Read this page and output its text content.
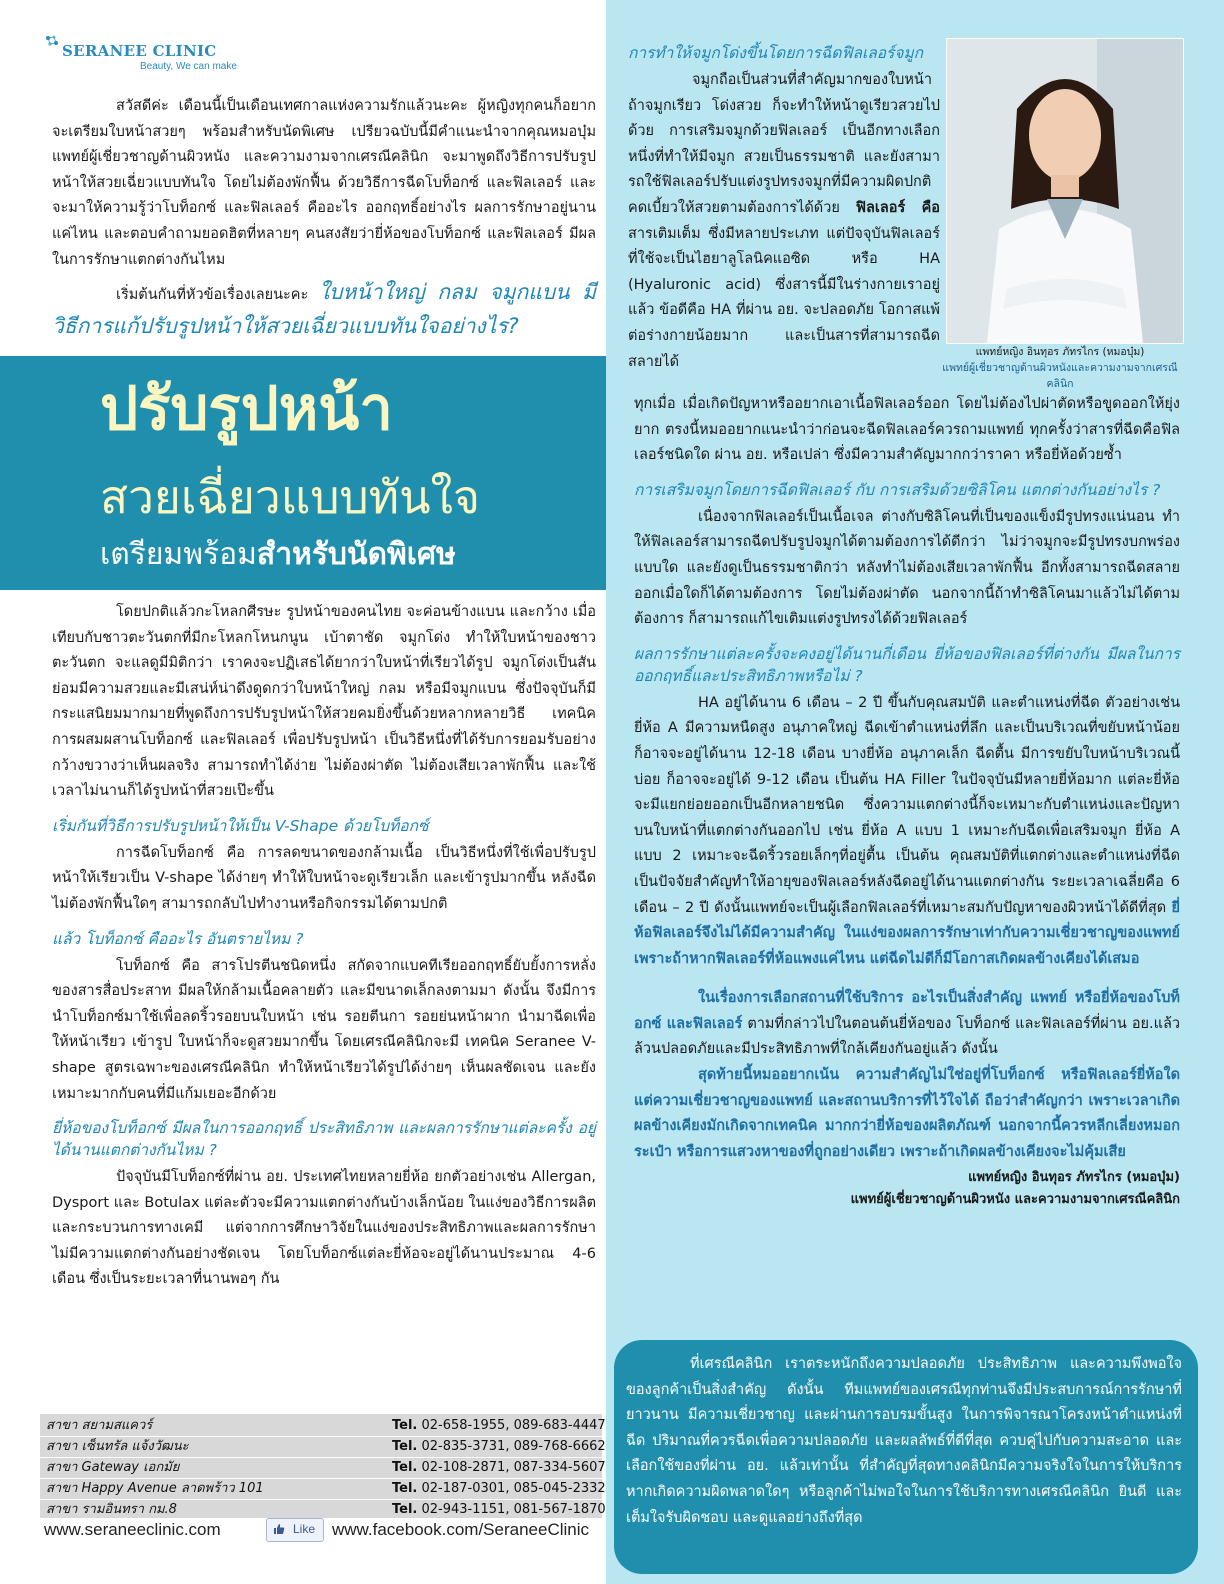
SERANEE CLINIC
Beauty, We can make

สวัสดีค่ะ เดือนนี้เป็นเดือนเทศกาลแห่งความรักแล้วนะคะ ผู้หญิงทุกคนก็อยากจะเตรียมใบหน้าสวยๆ พร้อมสำหรับนัดพิเศษ เปรียวฉบับนี้มีคำแนะนำจากคุณหมอบุ๋ม แพทย์ผู้เชี่ยวชาญด้านผิวหนัง และความงามจากเศรณีคลินิก จะมาพูดถึงวิธีการปรับรูปหน้าให้สวยเฉี่ยวแบบทันใจ โดยไม่ต้องพักฟื้น ด้วยวิธีการฉีดโบท็อกซ์ และฟิลเลอร์ และจะมาให้ความรู้ว่าโบท็อกซ์ และฟิลเลอร์ คืออะไร ออกฤทธิ์อย่างไร ผลการรักษาอยู่นานแค่ไหน และตอบคำถามยอดฮิตที่หลายๆ คนสงสัยว่ายี่ห้อของโบท็อกซ์ และฟิลเลอร์ มีผลในการรักษาแตกต่างกันไหม

เริ่มต้นกันที่หัวข้อเรื่องเลยนะคะ ใบหน้าใหญ่ กลม จมูกแบน มีวิธีการแก้ปรับรูปหน้าให้สวยเฉี่ยวแบบทันใจอย่างไร?

ปรับรูปหน้า
สวยเฉี่ยวแบบทันใจ
เตรียมพร้อมสำหรับนัดพิเศษ

โดยปกติแล้วกะโหลกศีรษะ รูปหน้าของคนไทย จะค่อนข้างแบน และกว้าง เมื่อเทียบกับชาวตะวันตกที่มีกะโหลกโหนกนูน เบ้าตาชัด จมูกโด่ง ทำให้ใบหน้าของชาวตะวันตก จะแลดูมีมิติกว่า เราคงจะปฏิเสธได้ยากว่าใบหน้าที่เรียวได้รูป จมูกโด่งเป็นสัน ย่อมมีความสวยและมีเสน่ห์น่าดึงดูดกว่าใบหน้าใหญ่ กลม หรือมีจมูกแบน ซึ่งปัจจุบันก็มีกระแสนิยมมากมายที่พูดถึงการปรับรูปหน้าให้สวยคมยิ่งขึ้นด้วยหลากหลายวิธี เทคนิคการผสมผสานโบท็อกซ์ และฟิลเลอร์ เพื่อปรับรูปหน้า เป็นวิธีหนึ่งที่ได้รับการยอมรับอย่างกว้างขวางว่าเห็นผลจริง สามารถทำได้ง่าย ไม่ต้องผ่าตัด ไม่ต้องเสียเวลาพักฟื้น และใช้เวลาไม่นานก็ได้รูปหน้าที่สวยเป๊ะขึ้น

เริ่มกันที่วิธีการปรับรูปหน้าให้เป็น V-Shape ด้วยโบท็อกซ์

การฉีดโบท็อกซ์ คือ การลดขนาดของกล้ามเนื้อ เป็นวิธีหนึ่งที่ใช้เพื่อปรับรูปหน้าให้เรียวเป็น V-shape ได้ง่ายๆ ทำให้ใบหน้าจะดูเรียวเล็ก และเข้ารูปมากขึ้น หลังฉีดไม่ต้องพักฟื้นใดๆ สามารถกลับไปทำงานหรือกิจกรรมได้ตามปกติ

แล้ว โบท็อกซ์ คืออะไร อันตรายไหม ?

โบท็อกซ์ คือ สารโปรตีนชนิดหนึ่ง สกัดจากแบคทีเรียออกฤทธิ์ยับยั้งการหลั่งของสารสื่อประสาท มีผลให้กล้ามเนื้อคลายตัว และมีขนาดเล็กลงตามมา ดังนั้น จึงมีการนำโบท็อกซ์มาใช้เพื่อลดริ้วรอยบนใบหน้า เช่น รอยตีนกา รอยย่นหน้าผาก นำมาฉีดเพื่อให้หน้าเรียว เข้ารูป ใบหน้าก็จะดูสวยมากขึ้น โดยเศรณีคลินิกจะมี เทคนิค Seranee V-shape สูตรเฉพาะของเศรณีคลินิก ทำให้หน้าเรียวได้รูปได้ง่ายๆ เห็นผลชัดเจน และยังเหมาะมากกับคนที่มีแก้มเยอะอีกด้วย

ยี่ห้อของโบท็อกซ์ มีผลในการออกฤทธิ์ ประสิทธิภาพ และผลการรักษาแต่ละครั้ง อยู่ได้นานแตกต่างกันไหม ?

ปัจจุบันมีโบท็อกซ์ที่ผ่าน อย. ประเทศไทยหลายยี่ห้อ ยกตัวอย่างเช่น Allergan, Dysport และ Botulax แต่ละตัวจะมีความแตกต่างกันบ้างเล็กน้อย ในแง่ของวิธีการผลิตและกระบวนการทางเคมี แต่จากการศึกษาวิจัยในแง่ของประสิทธิภาพและผลการรักษา ไม่มีความแตกต่างกันอย่างชัดเจน โดยโบท็อกซ์แต่ละยี่ห้อจะอยู่ได้นานประมาณ 4-6 เดือน ซึ่งเป็นระยะเวลาที่นานพอๆ กัน

การทำให้จมูกโด่งขึ้นโดยการฉีดฟิลเลอร์จมูก

จมูกถือเป็นส่วนที่สำคัญมากของใบหน้า ถ้าจมูกเรียว โด่งสวย ก็จะทำให้หน้าดูเรียวสวยไปด้วย การเสริมจมูกด้วยฟิลเลอร์ เป็นอีกทางเลือกหนึ่งที่ทำให้มีจมูก สวยเป็นธรรมชาติ และยังสามารถใช้ฟิลเลอร์ปรับแต่งรูปทรงจมูกที่มีความผิดปกติ คดเบี้ยวให้สวยตามต้องการได้ด้วย ฟิลเลอร์ คือ สารเติมเต็ม ซึ่งมีหลายประเภท แต่ปัจจุบันฟิลเลอร์ที่ใช้จะเป็นไฮยาลูโลนิคแอซิด หรือ HA (Hyaluronic acid) ซึ่งสารนี้มีในร่างกายเราอยู่แล้ว ข้อดีคือ HA ที่ผ่าน อย. จะปลอดภัย โอกาสแพ้ต่อร่างกายน้อยมาก และเป็นสารที่สามารถฉีดสลายได้

แพทย์หญิง อินทุอร ภัทรไกร (หมอบุ๋ม)
แพทย์ผู้เชี่ยวชาญด้านผิวหนังและความงามจากเศรณีคลินิก

ทุกเมื่อ เมื่อเกิดปัญหาหรืออยากเอาเนื้อฟิลเลอร์ออก โดยไม่ต้องไปผ่าตัดหรือขูดออกให้ยุ่งยาก ตรงนี้หมออยากแนะนำว่าก่อนจะฉีดฟิลเลอร์ควรถามแพทย์ ทุกครั้งว่าสารที่ฉีดคือฟิลเลอร์ชนิดใด ผ่าน อย. หรือเปล่า ซึ่งมีความสำคัญมากกว่าราคา หรือยี่ห้อด้วยซ้ำ

การเสริมจมูกโดยการฉีดฟิลเลอร์ กับ การเสริมด้วยซิลิโคน แตกต่างกันอย่างไร ?

เนื่องจากฟิลเลอร์เป็นเนื้อเจล ต่างกับซิลิโคนที่เป็นของแข็งมีรูปทรงแน่นอน ทำให้ฟิลเลอร์สามารถฉีดปรับรูปจมูกได้ตามต้องการได้ดีกว่า ไม่ว่าจมูกจะมีรูปทรงบกพร่องแบบใด และยังดูเป็นธรรมชาติกว่า หลังทำไม่ต้องเสียเวลาพักฟื้น อีกทั้งสามารถฉีดสลายออกเมื่อใดก็ได้ตามต้องการ โดยไม่ต้องผ่าตัด นอกจากนี้ถ้าทำซิลิโคนมาแล้วไม่ได้ตามต้องการ ก็สามารถแก้ไขเติมแต่งรูปทรงได้ด้วยฟิลเลอร์

ผลการรักษาแต่ละครั้งจะคงอยู่ได้นานกี่เดือน ยี่ห้อของฟิลเลอร์ที่ต่างกัน มีผลในการออกฤทธิ์และประสิทธิภาพหรือไม่ ?

HA อยู่ได้นาน 6 เดือน – 2 ปี ขึ้นกับคุณสมบัติ และตำแหน่งที่ฉีด ตัวอย่างเช่น ยี่ห้อ A มีความหนืดสูง อนุภาคใหญ่ ฉีดเข้าตำแหน่งที่ลึก และเป็นบริเวณที่ขยับหน้าน้อย ก็อาจจะอยู่ได้นาน 12-18 เดือน บางยี่ห้อ อนุภาคเล็ก ฉีดตื้น มีการขยับใบหน้าบริเวณนี้บ่อย ก็อาจจะอยู่ได้ 9-12 เดือน เป็นต้น HA Filler ในปัจจุบันมีหลายยี่ห้อมาก แต่ละยี่ห้อจะมีแยกย่อยออกเป็นอีกหลายชนิด ซึ่งความแตกต่างนี้ก็จะเหมาะกับตำแหน่งและปัญหาบนใบหน้าที่แตกต่างกันออกไป เช่น ยี่ห้อ A แบบ 1 เหมาะกับฉีดเพื่อเสริมจมูก ยี่ห้อ A แบบ 2 เหมาะจะฉีดริ้วรอยเล็กๆที่อยู่ตื้น เป็นต้น คุณสมบัติที่แตกต่างและตำแหน่งที่ฉีด เป็นปัจจัยสำคัญทำให้อายุของฟิลเลอร์หลังฉีดอยู่ได้นานแตกต่างกัน ระยะเวลาเฉลี่ยคือ 6 เดือน – 2 ปี ดังนั้นแพทย์จะเป็นผู้เลือกฟิลเลอร์ที่เหมาะสมกับปัญหาของผิวหน้าได้ดีที่สุด ยี่ห้อฟิลเลอร์จึงไม่ได้มีความสำคัญ ในแง่ของผลการรักษาเท่ากับความเชี่ยวชาญของแพทย์ เพราะถ้าหากฟิลเลอร์ที่ห้อแพงแค่ไหน แต่ฉีดไม่ดีก็มีโอกาสเกิดผลข้างเคียงได้เสมอ

ในเรื่องการเลือกสถานที่ใช้บริการ อะไรเป็นสิ่งสำคัญ แพทย์ หรือยี่ห้อของโบท็อกซ์ และฟิลเลอร์ ตามที่กล่าวไปในตอนต้นยี่ห้อของ โบท็อกซ์ และฟิลเลอร์ที่ผ่าน อย.แล้ว ล้วนปลอดภัยและมีประสิทธิภาพที่ใกล้เคียงกันอยู่แล้ว ดังนั้น

สุดท้ายนี้หมออยากเน้น ความสำคัญไม่ใช่อยู่ที่โบท็อกซ์ หรือฟิลเลอร์ยี่ห้อใด แต่ความเชี่ยวชาญของแพทย์ และสถานบริการที่ไว้ใจได้ ถือว่าสำคัญกว่า เพราะเวลาเกิดผลข้างเคียงมักเกิดจากเทคนิค มากกว่ายี่ห้อของผลิตภัณฑ์ นอกจากนี้ควรหลีกเลี่ยงหมอกระเป๋า หรือการแสวงหาของที่ถูกอย่างเดียว เพราะถ้าเกิดผลข้างเคียงจะไม่คุ้มเสีย

แพทย์หญิง อินทุอร ภัทรไกร (หมอบุ๋ม)
แพทย์ผู้เชี่ยวชาญด้านผิวหนัง และความงามจากเศรณีคลินิก
ที่เศรณีคลินิก เราตระหนักถึงความปลอดภัย ประสิทธิภาพ และความพึงพอใจของลูกค้าเป็นสิ่งสำคัญ ดังนั้น ทีมแพทย์ของเศรณีทุกท่านจึงมีประสบการณ์การรักษาที่ยาวนาน มีความเชี่ยวชาญ และผ่านการอบรมขั้นสูง ในการพิจารณาโครงหน้าตำแหน่งที่ฉีด ปริมาณที่ควรฉีดเพื่อความปลอดภัย และผลลัพธ์ที่ดีที่สุด ควบคู่ไปกับความสะอาด และเลือกใช้ของที่ผ่าน อย. แล้วเท่านั้น ที่สำคัญที่สุดทางคลินิกมีความจริงใจในการให้บริการ หากเกิดความผิดพลาดใดๆ หรือลูกค้าไม่พอใจในการใช้บริการทางเศรณีคลินิก ยินดี และเต็มใจรับผิดชอบ และดูแลอย่างถึงที่สุด
สาขา สยามสแควร์	Tel. 02-658-1955, 089-683-4447
สาขา เซ็นทรัล แจ้งวัฒนะ	Tel. 02-835-3731, 089-768-6662
สาขา Gateway เอกมัย	Tel. 02-108-2871, 087-334-5607
สาขา Happy Avenue ลาดพร้าว 101	Tel. 02-187-0301, 085-045-2332
สาขา รามอินทรา กม.8	Tel. 02-943-1151, 081-567-1870
www.seraneeclinic.com	Like www.facebook.com/SeraneeClinic
